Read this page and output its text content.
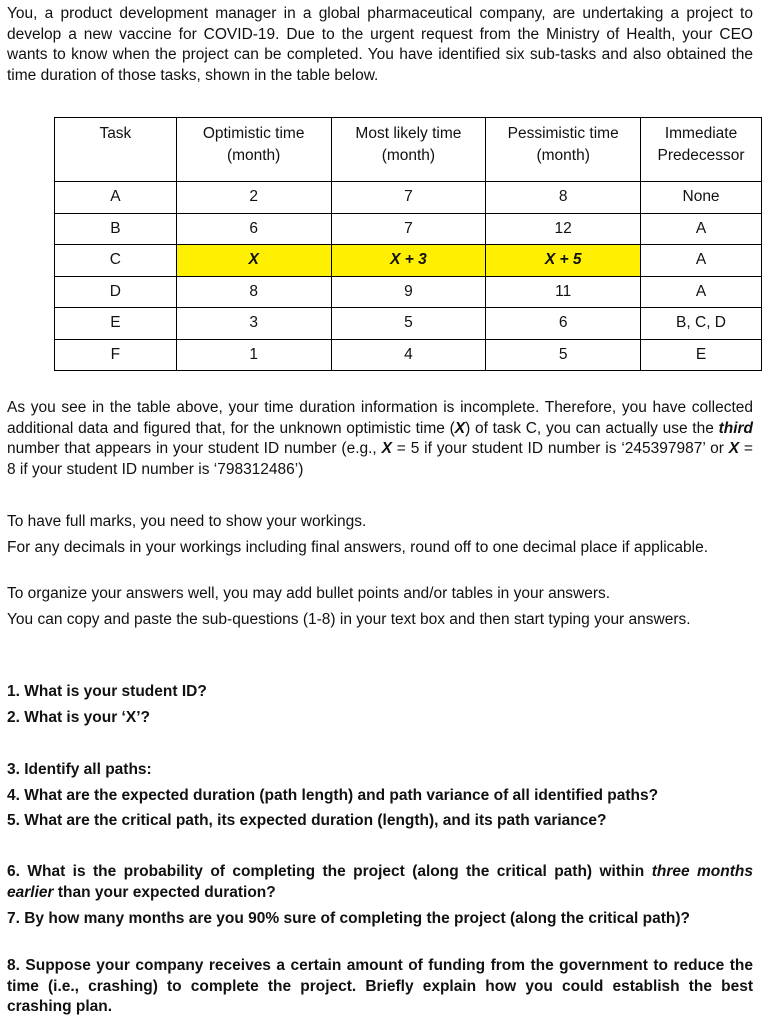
You, a product development manager in a global pharmaceutical company, are undertaking a project to develop a new vaccine for COVID-19. Due to the urgent request from the Ministry of Health, your CEO wants to know when the project can be completed. You have identified six sub-tasks and also obtained the time duration of those tasks, shown in the table below.

Task	Optimistic time (month)	Most likely time (month)	Pessimistic time (month)	Immediate Predecessor
A	2	7	8	None
B	6	7	12	A
C	X	X + 3	X + 5	A
D	8	9	11	A
E	3	5	6	B, C, D
F	1	4	5	E

As you see in the table above, your time duration information is incomplete. Therefore, you have collected additional data and figured that, for the unknown optimistic time (X) of task C, you can actually use the third number that appears in your student ID number (e.g., X = 5 if your student ID number is ‘245397987’ or X = 8 if your student ID number is ‘798312486’)

To have full marks, you need to show your workings.

For any decimals in your workings including final answers, round off to one decimal place if applicable.

To organize your answers well, you may add bullet points and/or tables in your answers.

You can copy and paste the sub-questions (1-8) in your text box and then start typing your answers.

1. What is your student ID?

2. What is your ‘X’?

3. Identify all paths:

4. What are the expected duration (path length) and path variance of all identified paths?

5. What are the critical path, its expected duration (length), and its path variance?

6. What is the probability of completing the project (along the critical path) within three months earlier than your expected duration?

7. By how many months are you 90% sure of completing the project (along the critical path)?

8. Suppose your company receives a certain amount of funding from the government to reduce the time (i.e., crashing) to complete the project. Briefly explain how you could establish the best crashing plan.
